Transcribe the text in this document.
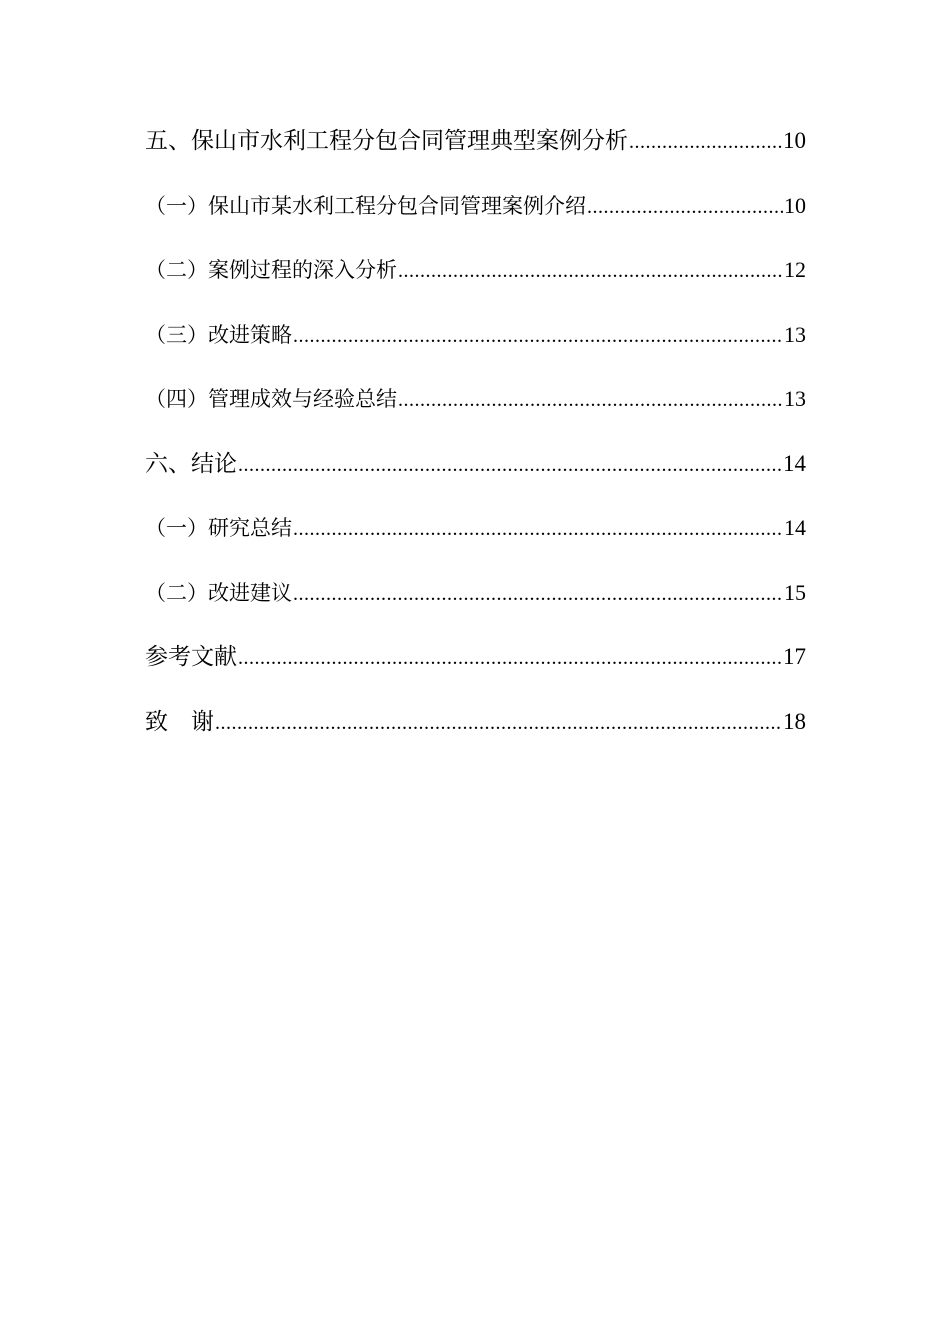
五、保山市水利工程分包合同管理典型案例分析 .....	10
（一）保山市某水利工程分包合同管理案例介绍 .....	10
（二）案例过程的深入分析 .....	12
（三）改进策略 .....	13
（四）管理成效与经验总结 .....	13
六、结论 .....	14
（一）研究总结 .....	14
（二）改进建议 .....	15
参考文献 .....	17
致　谢 .....	18
